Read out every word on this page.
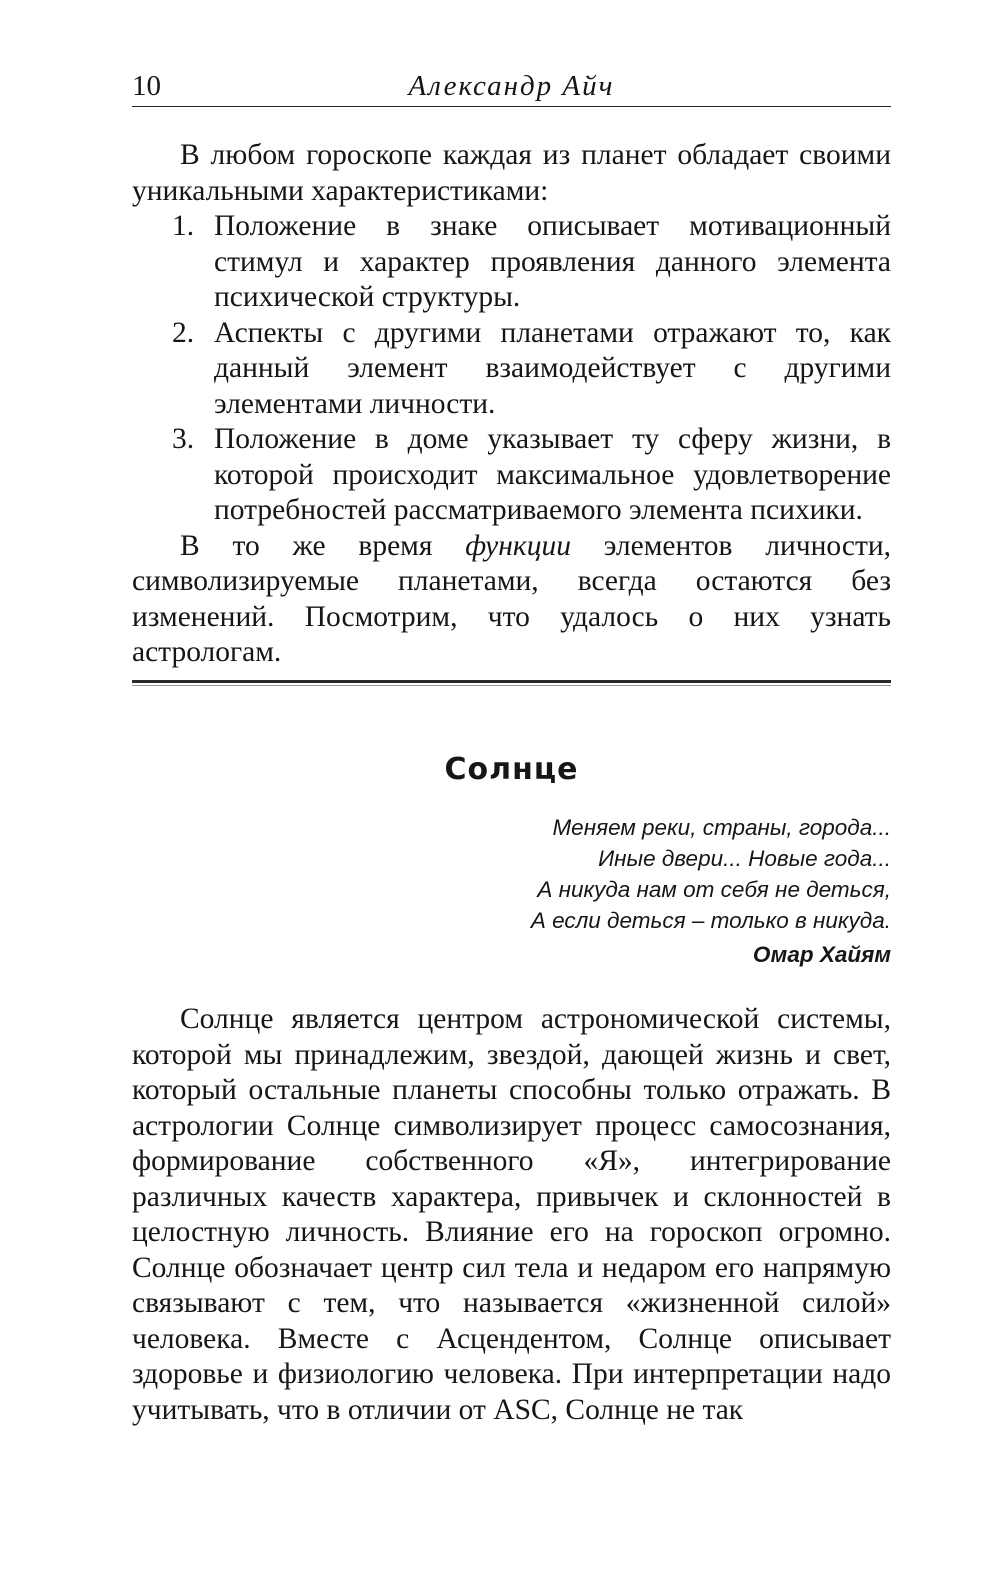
10	Александр Айч

В любом гороскопе каждая из планет обладает своими уникальными характеристиками:

1. Положение в знаке описывает мотивационный стимул и характер проявления данного элемента психической структуры.
2. Аспекты с другими планетами отражают то, как данный элемент взаимодействует с другими элементами личности.
3. Положение в доме указывает ту сферу жизни, в которой происходит максимальное удовлетворение потребностей рассматриваемого элемента психики.

В то же время функции элементов личности, символизируемые планетами, всегда остаются без изменений. Посмотрим, что удалось о них узнать астрологам.

Солнце
Меняем реки, страны, города...
Иные двери... Новые года...
А никуда нам от себя не деться,
А если деться – только в никуда.
Омар Хайям

Солнце является центром астрономической системы, которой мы принадлежим, звездой, дающей жизнь и свет, который остальные планеты способны только отражать. В астрологии Солнце символизирует процесс самосознания, формирование собственного «Я», интегрирование различных качеств характера, привычек и склонностей в целостную личность. Влияние его на гороскоп огромно. Солнце обозначает центр сил тела и недаром его напрямую связывают с тем, что называется «жизненной силой» человека. Вместе с Асцендентом, Солнце описывает здоровье и физиологию человека. При интерпретации надо учитывать, что в отличии от ASC, Солнце не так
